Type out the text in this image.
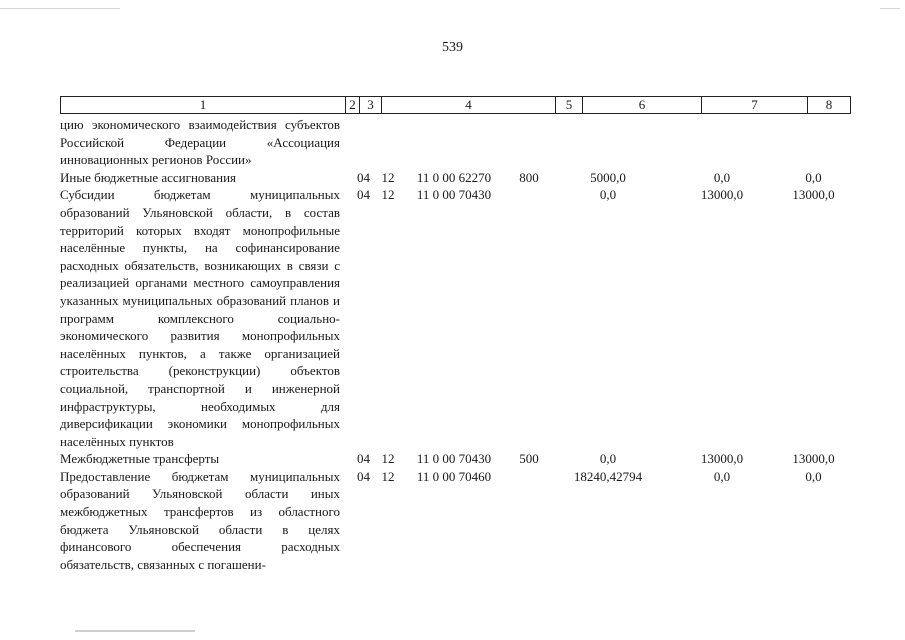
539
1	2	3	4	5	6	7	8
цию экономического взаимодействия субъектов Российской Федерации «Ассоциация инновационных регионов России»							
Иные бюджетные ассигнования	04	12	11 0 00 62270	800	5000,0	0,0	0,0
Субсидии бюджетам муниципальных образований Ульяновской области, в состав территорий которых входят монопрофильные населённые пункты, на софинансирование расходных обязательств, возникающих в связи с реализацией органами местного самоуправления указанных муниципальных образований планов и программ комплексного социально-экономического развития монопрофильных населённых пунктов, а также организацией строительства (реконструкции) объектов социальной, транспортной и инженерной инфраструктуры, необходимых для диверсификации экономики монопрофильных населённых пунктов	04	12	11 0 00 70430		0,0	13000,0	13000,0
Межбюджетные трансферты	04	12	11 0 00 70430	500	0,0	13000,0	13000,0
Предоставление бюджетам муниципальных образований Ульяновской области иных межбюджетных трансфертов из областного бюджета Ульяновской области в целях финансового обеспечения расходных обязательств, связанных с погашени-	04	12	11 0 00 70460		18240,42794	0,0	0,0
